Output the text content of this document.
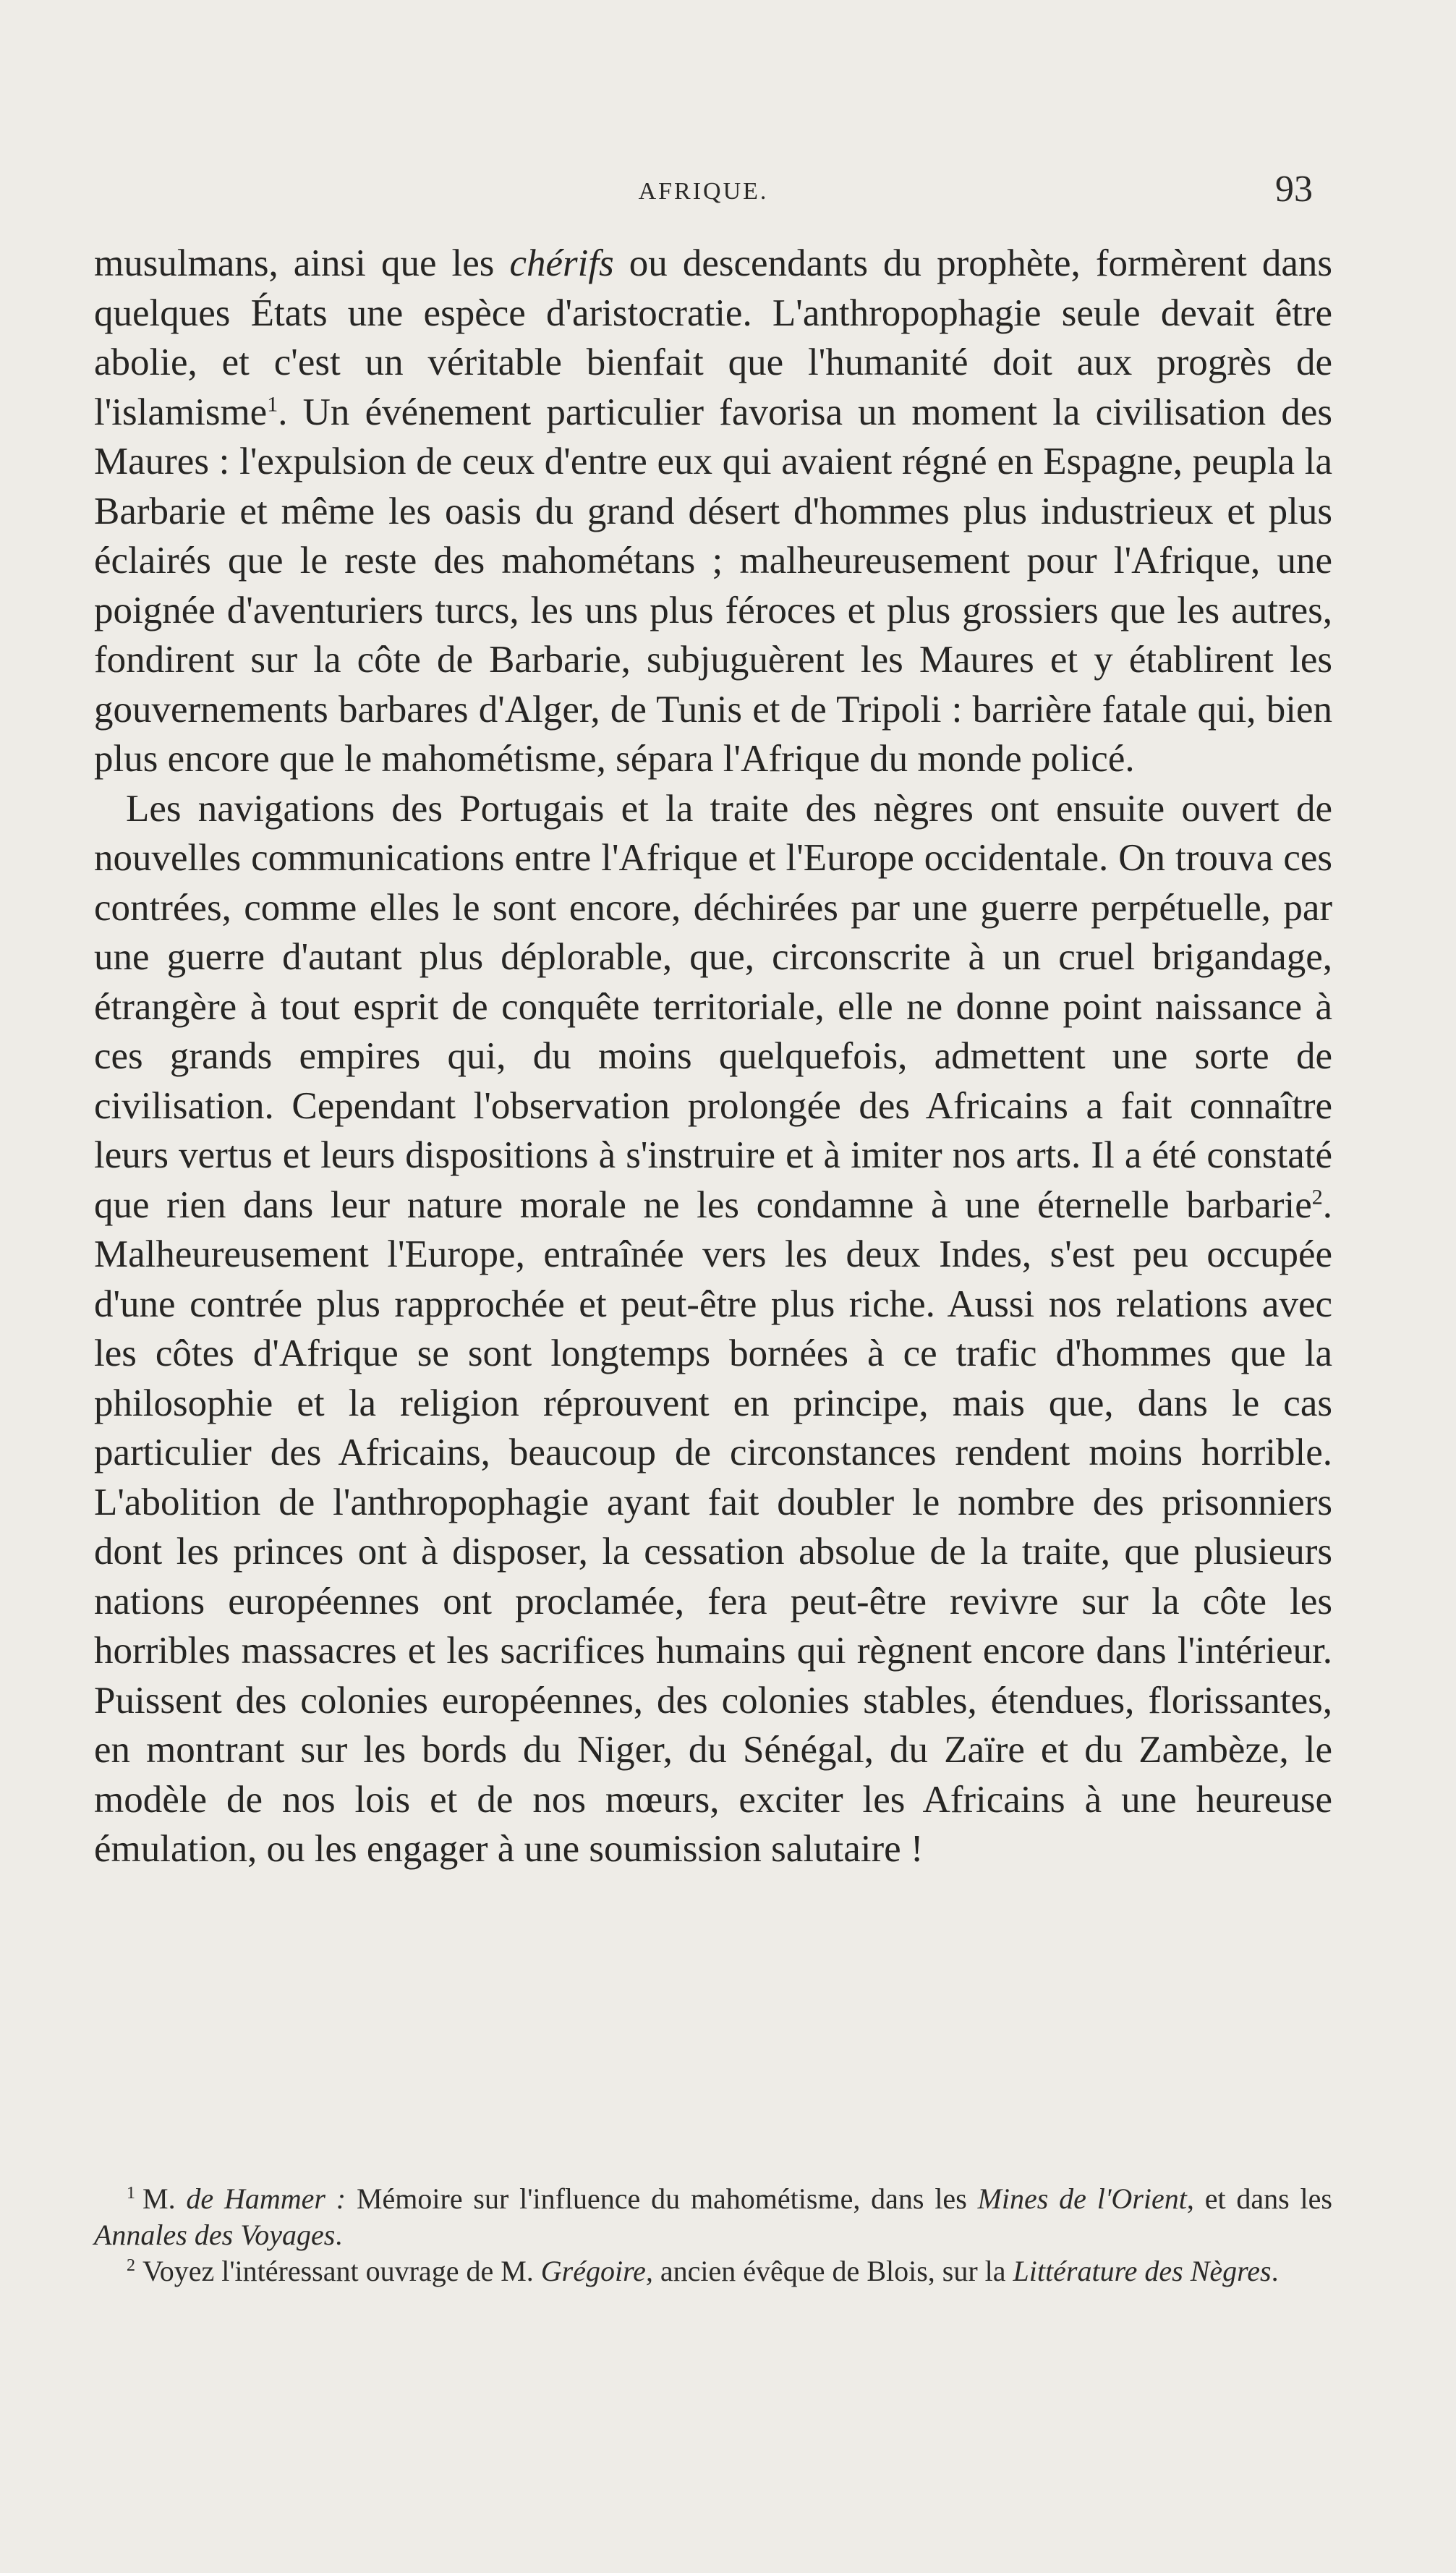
AFRIQUE.	93

musulmans, ainsi que les chérifs ou descendants du prophète, formèrent dans quelques États une espèce d'aristocratie. L'anthropophagie seule devait être abolie, et c'est un véritable bienfait que l'humanité doit aux progrès de l'islamisme$^1$. Un événement particulier favorisa un moment la civilisation des Maures : l'expulsion de ceux d'entre eux qui avaient régné en Espagne, peupla la Barbarie et même les oasis du grand désert d'hommes plus industrieux et plus éclairés que le reste des mahométans ; malheureusement pour l'Afrique, une poignée d'aventuriers turcs, les uns plus féroces et plus grossiers que les autres, fondirent sur la côte de Barbarie, subjuguèrent les Maures et y établirent les gouvernements barbares d'Alger, de Tunis et de Tripoli : barrière fatale qui, bien plus encore que le mahométisme, sépara l'Afrique du monde policé.

Les navigations des Portugais et la traite des nègres ont ensuite ouvert de nouvelles communications entre l'Afrique et l'Europe occidentale. On trouva ces contrées, comme elles le sont encore, déchirées par une guerre perpétuelle, par une guerre d'autant plus déplorable, que, circonscrite à un cruel brigandage, étrangère à tout esprit de conquête territoriale, elle ne donne point naissance à ces grands empires qui, du moins quelquefois, admettent une sorte de civilisation. Cependant l'observation prolongée des Africains a fait connaître leurs vertus et leurs dispositions à s'instruire et à imiter nos arts. Il a été constaté que rien dans leur nature morale ne les condamne à une éternelle barbarie$^2$. Malheureusement l'Europe, entraînée vers les deux Indes, s'est peu occupée d'une contrée plus rapprochée et peut-être plus riche. Aussi nos relations avec les côtes d'Afrique se sont longtemps bornées à ce trafic d'hommes que la philosophie et la religion réprouvent en principe, mais que, dans le cas particulier des Africains, beaucoup de circonstances rendent moins horrible. L'abolition de l'anthropophagie ayant fait doubler le nombre des prisonniers dont les princes ont à disposer, la cessation absolue de la traite, que plusieurs nations européennes ont proclamée, fera peut-être revivre sur la côte les horribles massacres et les sacrifices humains qui règnent encore dans l'intérieur. Puissent des colonies européennes, des colonies stables, étendues, florissantes, en montrant sur les bords du Niger, du Sénégal, du Zaïre et du Zambèze, le modèle de nos lois et de nos mœurs, exciter les Africains à une heureuse émulation, ou les engager à une soumission salutaire !

$^1$ M. de Hammer : Mémoire sur l'influence du mahométisme, dans les Mines de l'Orient, et dans les Annales des Voyages.

$^2$ Voyez l'intéressant ouvrage de M. Grégoire, ancien évêque de Blois, sur la Littérature des Nègres.
